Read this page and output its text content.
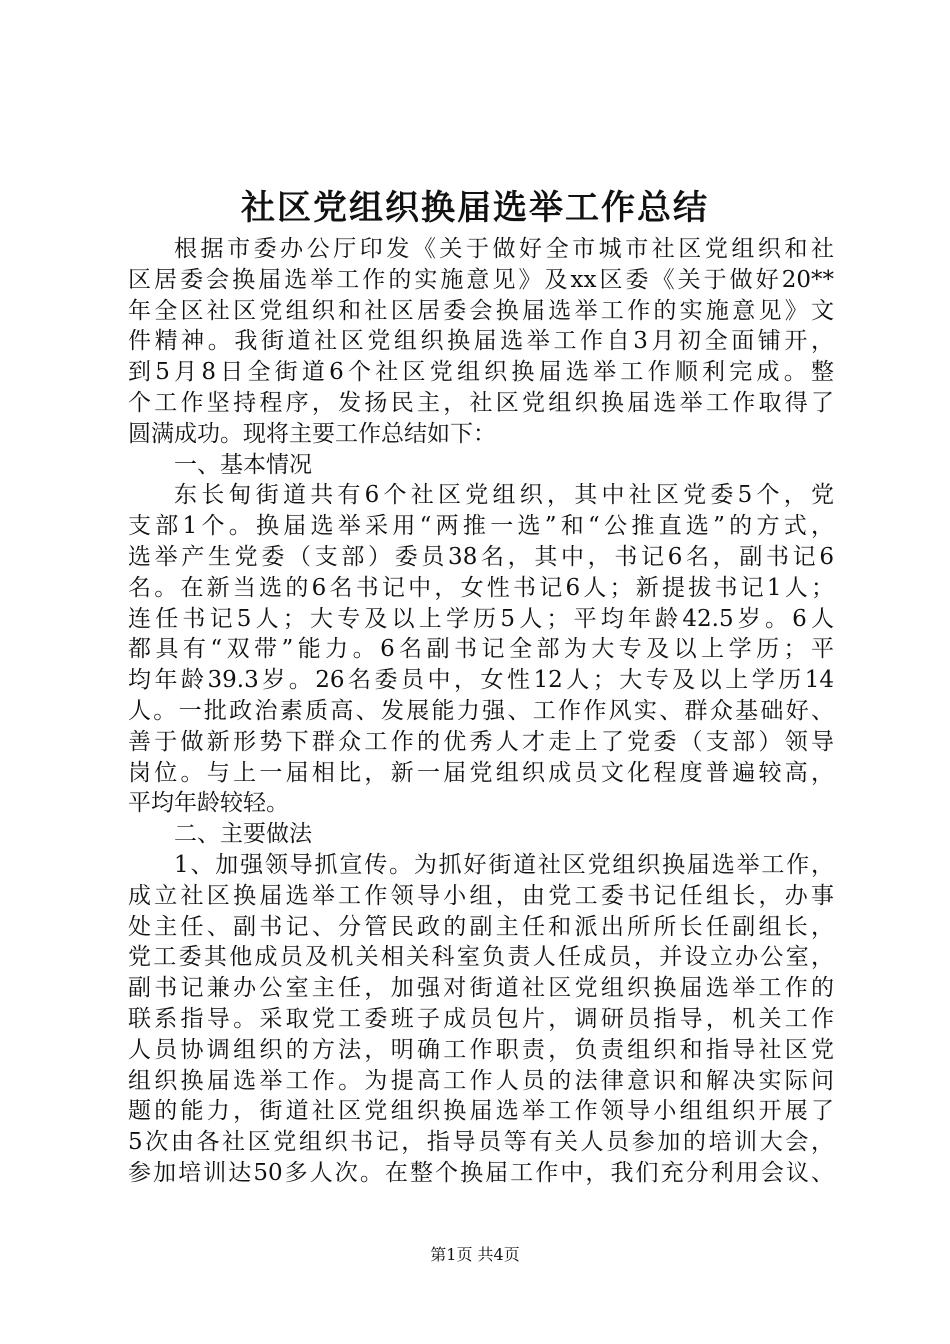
社区党组织换届选举工作总结
根据市委办公厅印发《关于做好全市城市社区党组织和社
区居委会换届选举工作的实施意见》及xx区委《关于做好20**
年全区社区党组织和社区居委会换届选举工作的实施意见》文
件精神。我街道社区党组织换届选举工作自3月初全面铺开，
到5月8日全街道6个社区党组织换届选举工作顺利完成。整
个工作坚持程序，发扬民主，社区党组织换届选举工作取得了
圆满成功。现将主要工作总结如下：
一、基本情况
东长甸街道共有6个社区党组织，其中社区党委5个，党
支部1个。换届选举采用“两推一选”和“公推直选”的方式，
选举产生党委（支部）委员38名，其中，书记6名，副书记6
名。在新当选的6名书记中，女性书记6人；新提拔书记1人；
连任书记5人；大专及以上学历5人；平均年龄42.5岁。6人
都具有“双带”能力。6名副书记全部为大专及以上学历；平
均年龄39.3岁。26名委员中，女性12人；大专及以上学历14
人。一批政治素质高、发展能力强、工作作风实、群众基础好、
善于做新形势下群众工作的优秀人才走上了党委（支部）领导
岗位。与上一届相比，新一届党组织成员文化程度普遍较高，
平均年龄较轻。
二、主要做法
1、加强领导抓宣传。为抓好街道社区党组织换届选举工作，
成立社区换届选举工作领导小组，由党工委书记任组长，办事
处主任、副书记、分管民政的副主任和派出所所长任副组长，
党工委其他成员及机关相关科室负责人任成员，并设立办公室，
副书记兼办公室主任，加强对街道社区党组织换届选举工作的
联系指导。采取党工委班子成员包片，调研员指导，机关工作
人员协调组织的方法，明确工作职责，负责组织和指导社区党
组织换届选举工作。为提高工作人员的法律意识和解决实际问
题的能力，街道社区党组织换届选举工作领导小组组织开展了
5次由各社区党组织书记，指导员等有关人员参加的培训大会，
参加培训达50多人次。在整个换届工作中，我们充分利用会议、
第1页 共4页
